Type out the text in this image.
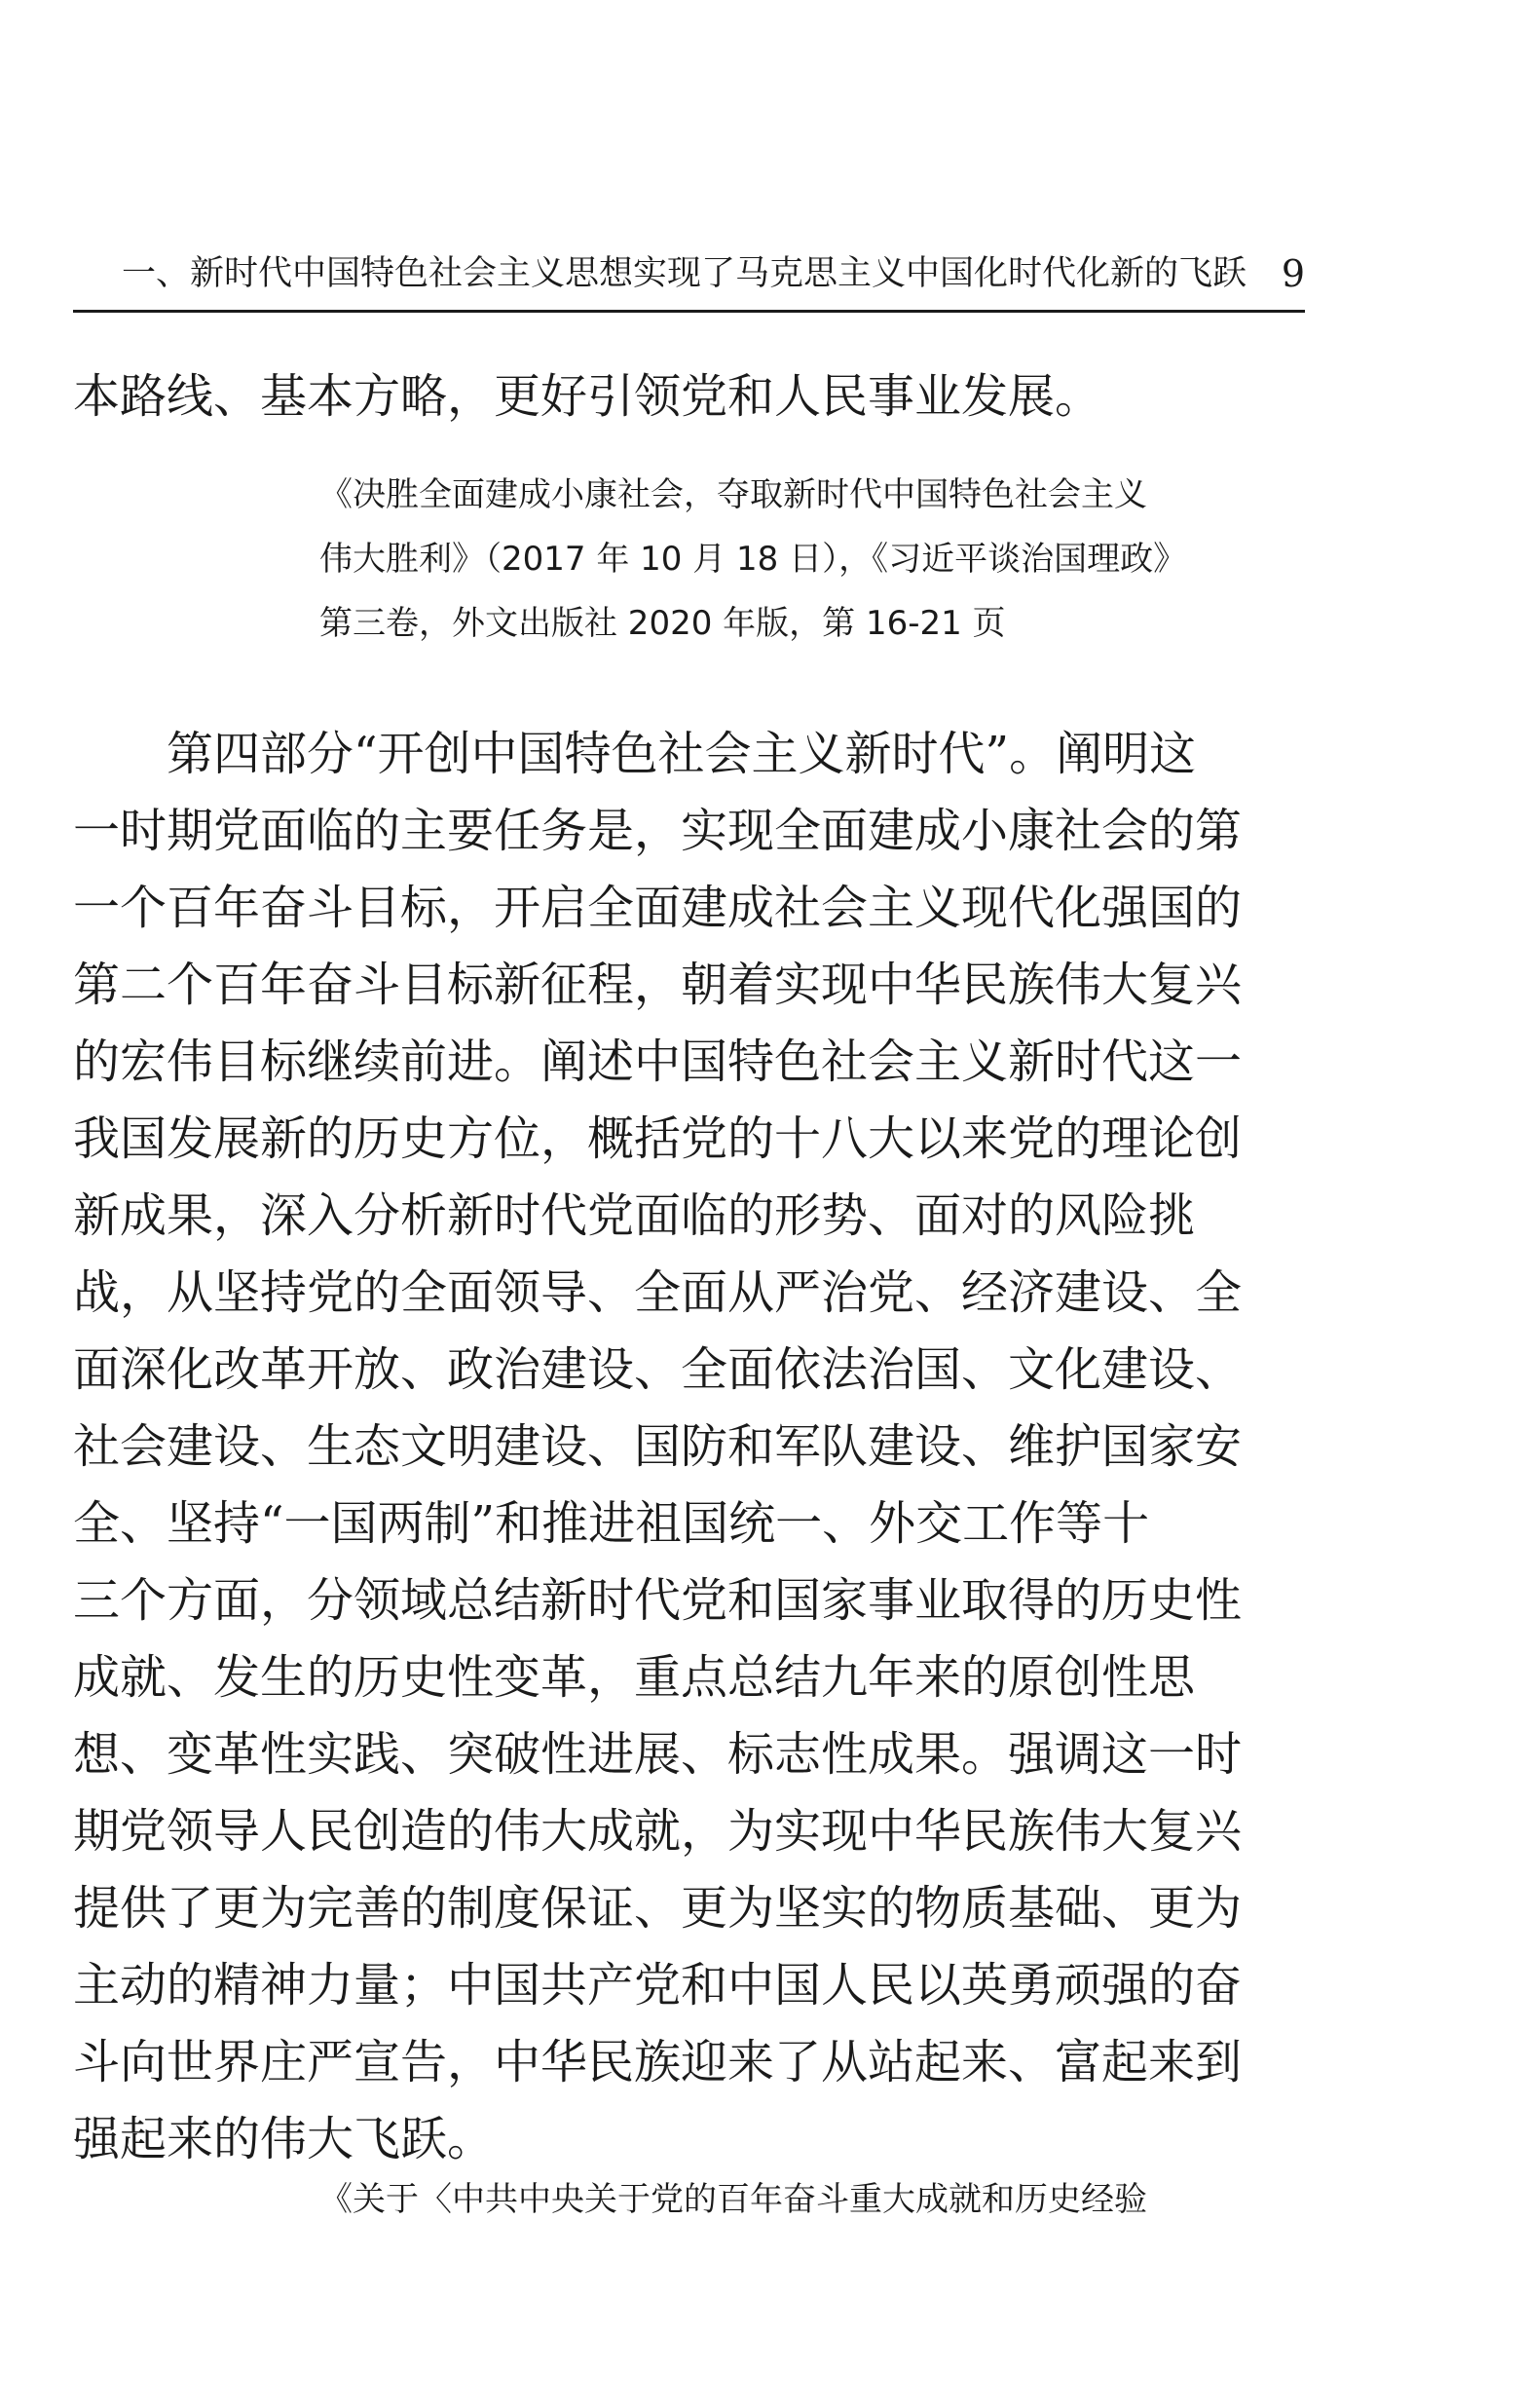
一、新时代中国特色社会主义思想实现了马克思主义中国化时代化新的飞跃 9
本路线、基本方略，更好引领党和人民事业发展。
《决胜全面建成小康社会，夺取新时代中国特色社会主义
伟大胜利》（2017 年 10 月 18 日），《习近平谈治国理政》
第三卷，外文出版社 2020 年版，第 16-21 页
　　第四部分“开创中国特色社会主义新时代”。阐明这
一时期党面临的主要任务是，实现全面建成小康社会的第
一个百年奋斗目标，开启全面建成社会主义现代化强国的
第二个百年奋斗目标新征程，朝着实现中华民族伟大复兴
的宏伟目标继续前进。阐述中国特色社会主义新时代这一
我国发展新的历史方位，概括党的十八大以来党的理论创
新成果，深入分析新时代党面临的形势、面对的风险挑
战，从坚持党的全面领导、全面从严治党、经济建设、全
面深化改革开放、政治建设、全面依法治国、文化建设、
社会建设、生态文明建设、国防和军队建设、维护国家安
全、坚持“一国两制”和推进祖国统一、外交工作等十
三个方面，分领域总结新时代党和国家事业取得的历史性
成就、发生的历史性变革，重点总结九年来的原创性思
想、变革性实践、突破性进展、标志性成果。强调这一时
期党领导人民创造的伟大成就，为实现中华民族伟大复兴
提供了更为完善的制度保证、更为坚实的物质基础、更为
主动的精神力量；中国共产党和中国人民以英勇顽强的奋
斗向世界庄严宣告，中华民族迎来了从站起来、富起来到
强起来的伟大飞跃。
《关于〈中共中央关于党的百年奋斗重大成就和历史经验
